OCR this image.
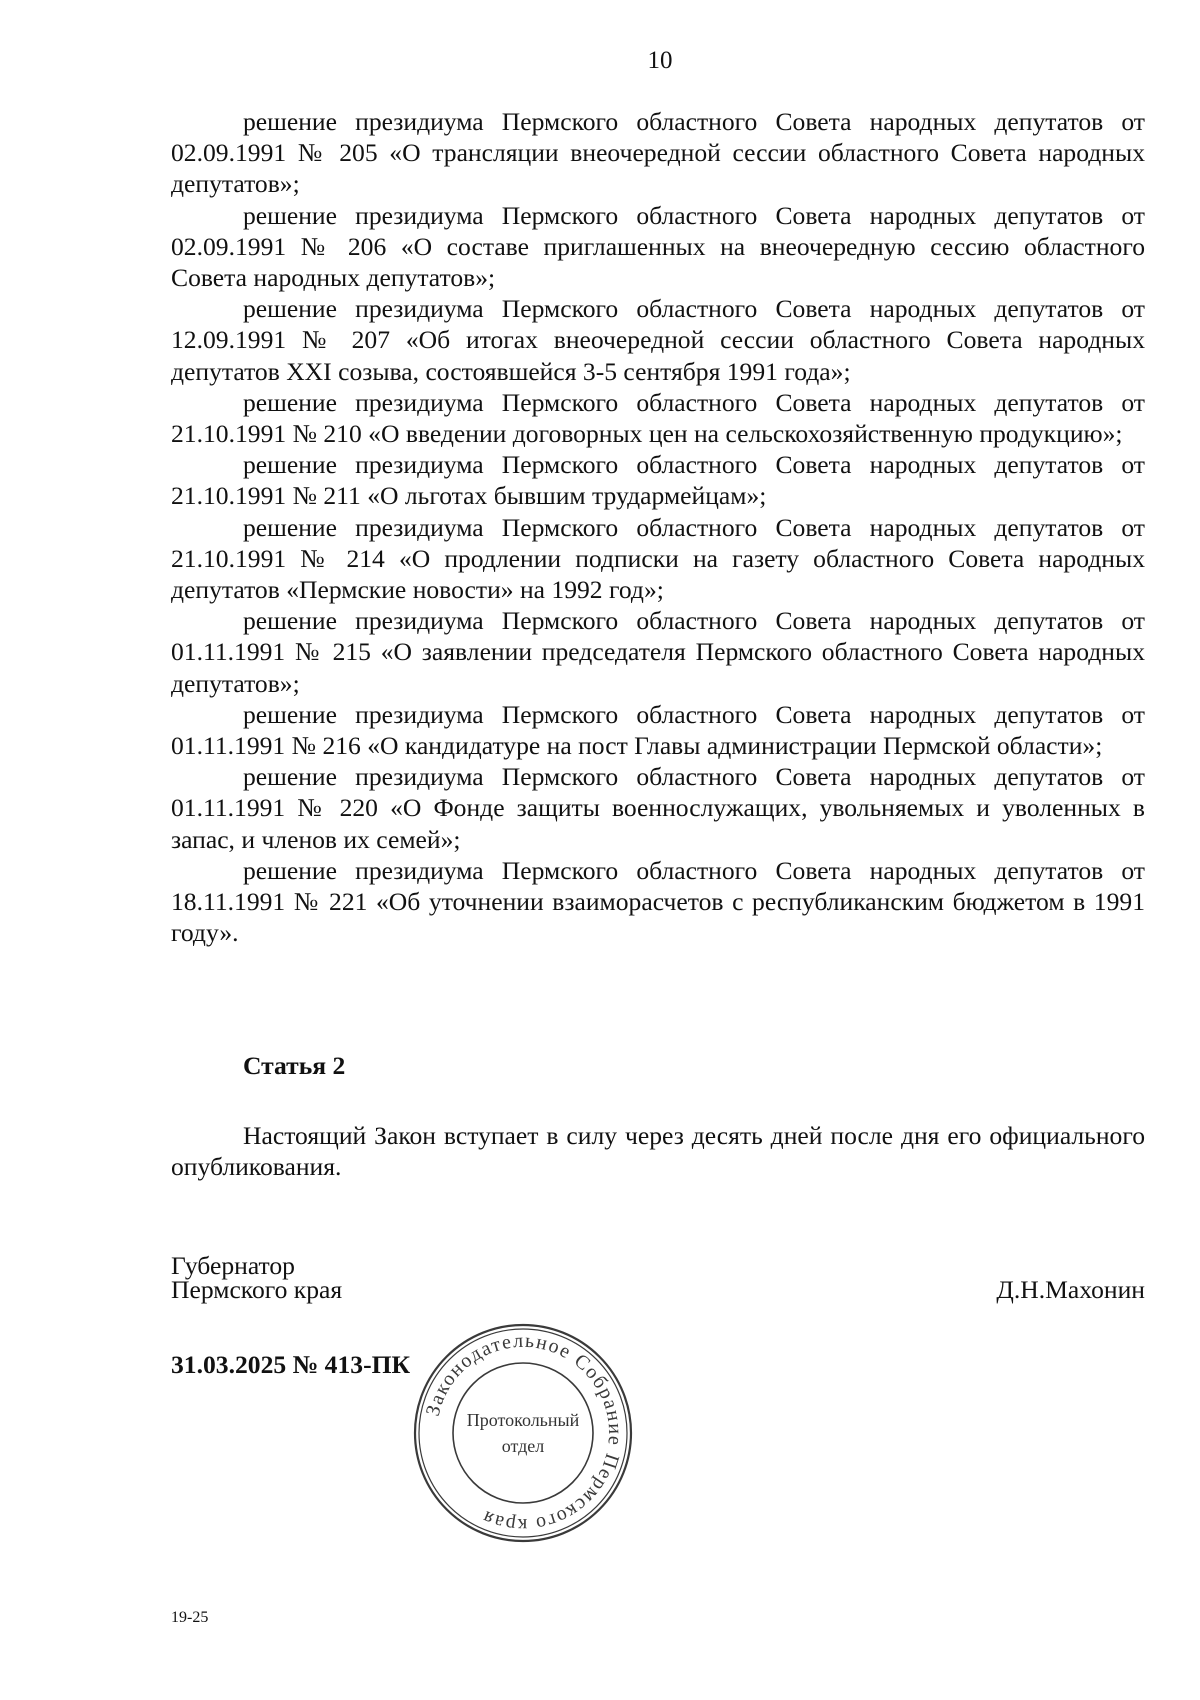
10

решение президиума Пермского областного Совета народных депутатов от 02.09.1991 № 205 «О трансляции внеочередной сессии областного Совета народных депутатов»;

решение президиума Пермского областного Совета народных депутатов от 02.09.1991 № 206 «О составе приглашенных на внеочередную сессию областного Совета народных депутатов»;

решение президиума Пермского областного Совета народных депутатов от 12.09.1991 № 207 «Об итогах внеочередной сессии областного Совета народных депутатов XXI созыва, состоявшейся 3-5 сентября 1991 года»;

решение президиума Пермского областного Совета народных депутатов от 21.10.1991 № 210 «О введении договорных цен на сельскохозяйственную продукцию»;

решение президиума Пермского областного Совета народных депутатов от 21.10.1991 № 211 «О льготах бывшим трудармейцам»;

решение президиума Пермского областного Совета народных депутатов от 21.10.1991 № 214 «О продлении подписки на газету областного Совета народных депутатов «Пермские новости» на 1992 год»;

решение президиума Пермского областного Совета народных депутатов от 01.11.1991 № 215 «О заявлении председателя Пермского областного Совета народных депутатов»;

решение президиума Пермского областного Совета народных депутатов от 01.11.1991 № 216 «О кандидатуре на пост Главы администрации Пермской области»;

решение президиума Пермского областного Совета народных депутатов от 01.11.1991 № 220 «О Фонде защиты военнослужащих, увольняемых и уволенных в запас, и членов их семей»;

решение президиума Пермского областного Совета народных депутатов от 18.11.1991 № 221 «Об уточнении взаиморасчетов с республиканским бюджетом в 1991 году».

Статья 2

Настоящий Закон вступает в силу через десять дней после дня его официального опубликования.

Губернатор
Пермского края	Д.Н.Махонин
31.03.2025 № 413-ПК
Законодательное Собрание Пермского края
Протокольный
отдел
19-25
